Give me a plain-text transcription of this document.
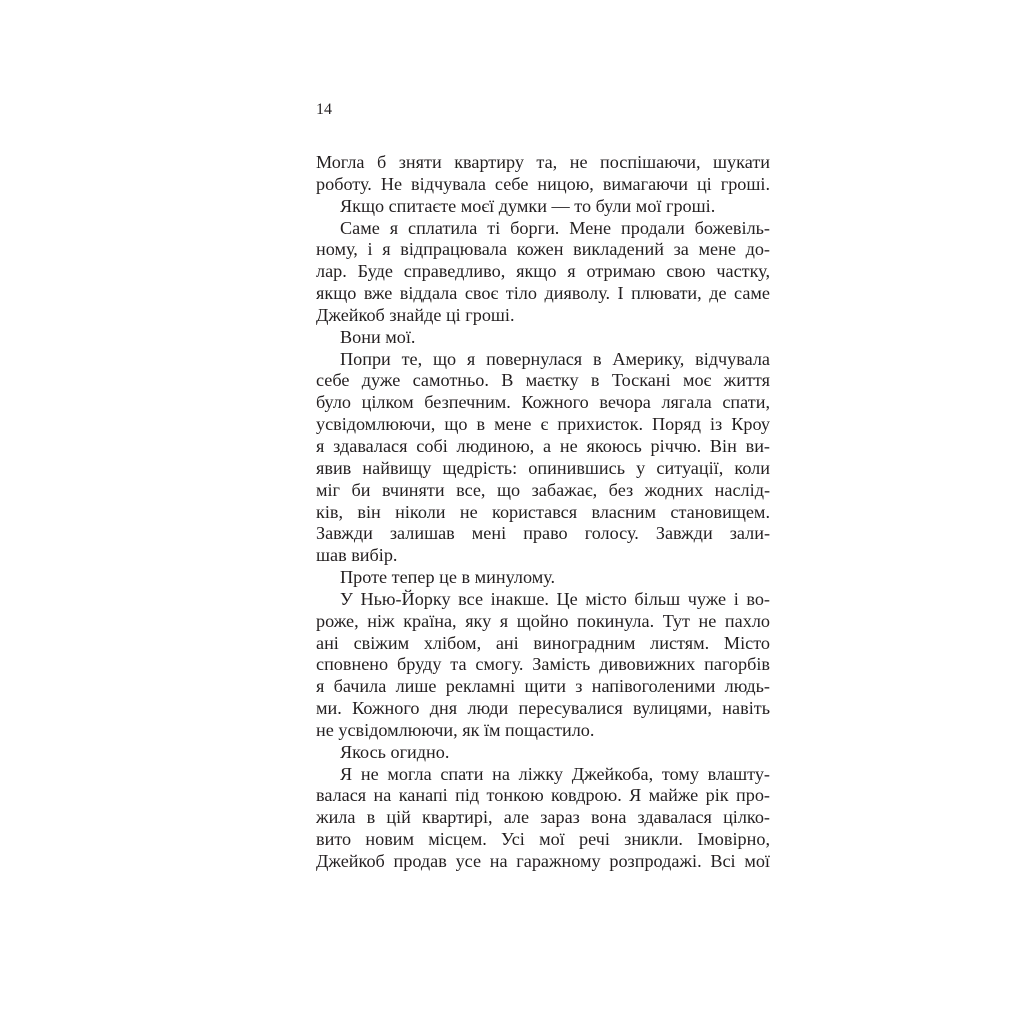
14
Могла б зняти квартиру та, не поспішаючи, шукати
роботу. Не відчувала себе ницою, вимагаючи ці гроші.
Якщо спитаєте моєї думки — то були мої гроші.
Саме я сплатила ті борги. Мене продали божевіль-
ному, і я відпрацювала кожен викладений за мене до-
лар. Буде справедливо, якщо я отримаю свою частку,
якщо вже віддала своє тіло дияволу. І плювати, де саме
Джейкоб знайде ці гроші.
Вони мої.
Попри те, що я повернулася в Америку, відчувала
себе дуже самотньо. В маєтку в Тоскані моє життя
було цілком безпечним. Кожного вечора лягала спати,
усвідомлюючи, що в мене є прихисток. Поряд із Кроу
я здавалася собі людиною, а не якоюсь річчю. Він ви-
явив найвищу щедрість: опинившись у ситуації, коли
міг би вчиняти все, що забажає, без жодних наслід-
ків, він ніколи не користався власним становищем.
Завжди залишав мені право голосу. Завжди зали-
шав вибір.
Проте тепер це в минулому.
У Нью-Йорку все інакше. Це місто більш чуже і во-
роже, ніж країна, яку я щойно покинула. Тут не пахло
ані свіжим хлібом, ані виноградним листям. Місто
сповнено бруду та смогу. Замість дивовижних пагорбів
я бачила лише рекламні щити з напівоголеними людь-
ми. Кожного дня люди пересувалися вулицями, навіть
не усвідомлюючи, як їм пощастило.
Якось огидно.
Я не могла спати на ліжку Джейкоба, тому влашту-
валася на канапі під тонкою ковдрою. Я майже рік про-
жила в цій квартирі, але зараз вона здавалася цілко-
вито новим місцем. Усі мої речі зникли. Імовірно,
Джейкоб продав усе на гаражному розпродажі. Всі мої
